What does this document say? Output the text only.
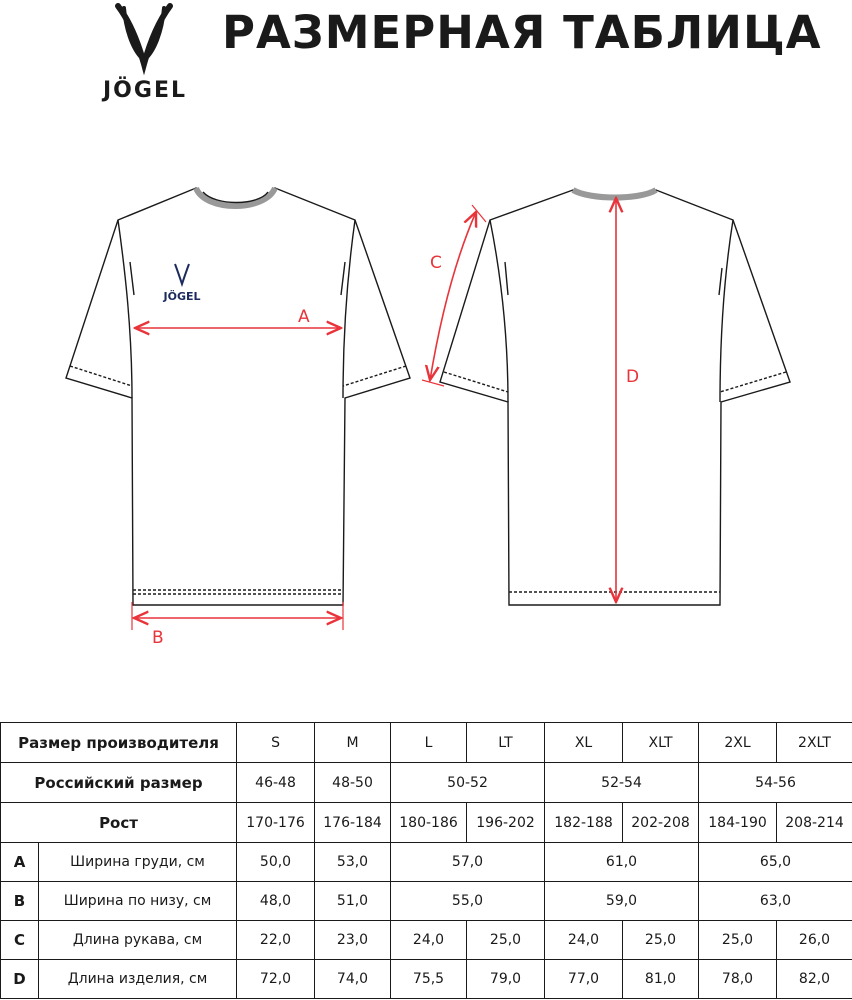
JÖGEL
РАЗМЕРНАЯ ТАБЛИЦА
JÖGEL
A
B
C
D
Размер производителя		S	M	L	LT	XL	XLT	2XL	2XLT
Российский размер		46-48	48-50	50-52		52-54		54-56	
Рост		170-176	176-184	180-186	196-202	182-188	202-208	184-190	208-214
A	Ширина груди, см	50,0	53,0	57,0		61,0		65,0	
B	Ширина по низу, см	48,0	51,0	55,0		59,0		63,0	
C	Длина рукава, см	22,0	23,0	24,0	25,0	24,0	25,0	25,0	26,0
D	Длина изделия, см	72,0	74,0	75,5	79,0	77,0	81,0	78,0	82,0
